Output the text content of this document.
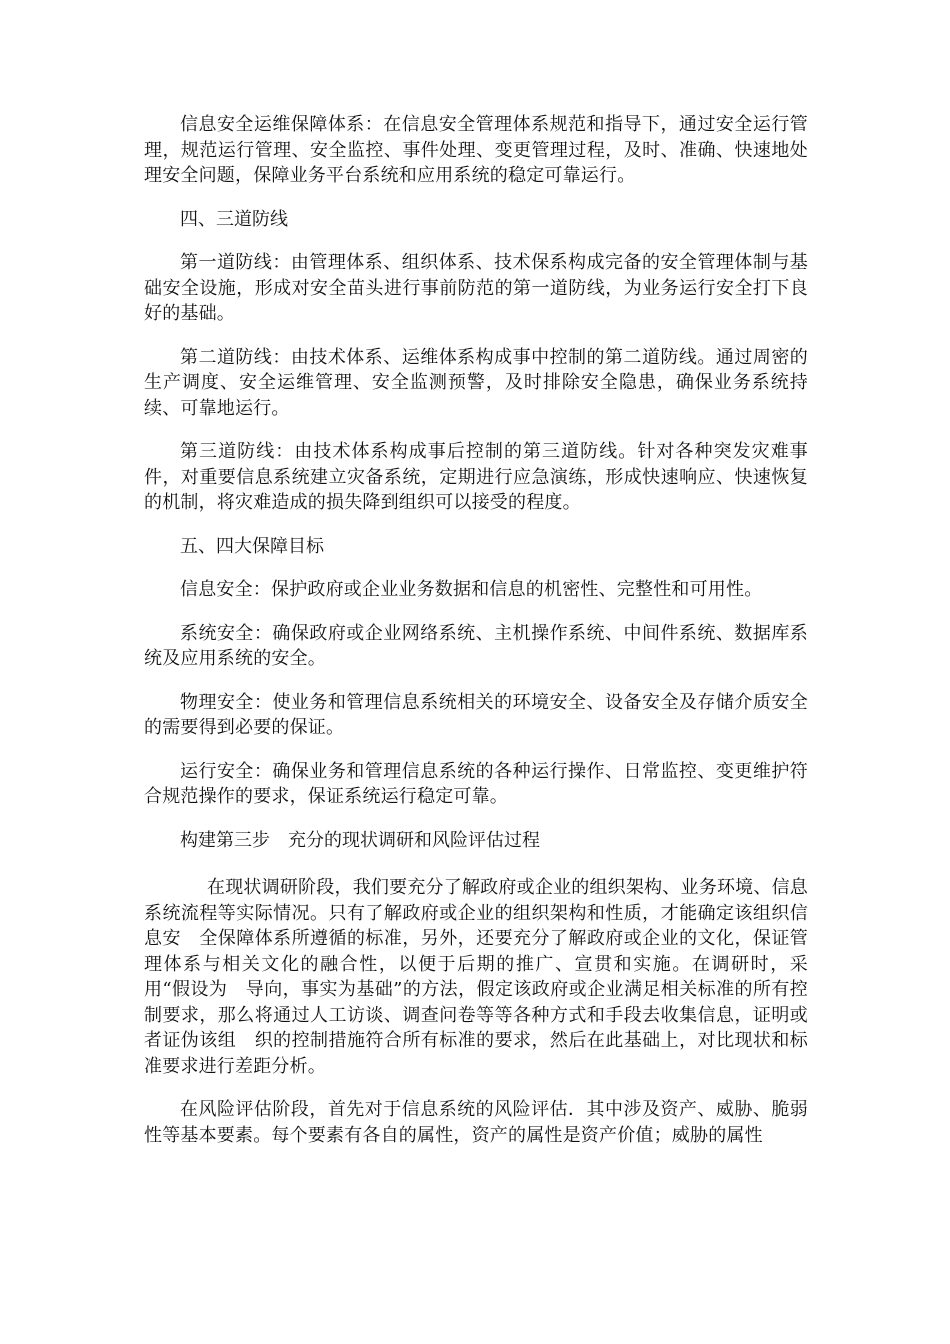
信息安全运维保障体系：在信息安全管理体系规范和指导下，通过安全运行管理，规范运行管理、安全监控、事件处理、变更管理过程，及时、准确、快速地处理安全问题，保障业务平台系统和应用系统的稳定可靠运行。

四、三道防线

第一道防线：由管理体系、组织体系、技术保系构成完备的安全管理体制与基础安全设施，形成对安全苗头进行事前防范的第一道防线，为业务运行安全打下良好的基础。

第二道防线：由技术体系、运维体系构成事中控制的第二道防线。通过周密的生产调度、安全运维管理、安全监测预警，及时排除安全隐患，确保业务系统持续、可靠地运行。

第三道防线：由技术体系构成事后控制的第三道防线。针对各种突发灾难事件，对重要信息系统建立灾备系统，定期进行应急演练，形成快速响应、快速恢复的机制，将灾难造成的损失降到组织可以接受的程度。

五、四大保障目标

信息安全：保护政府或企业业务数据和信息的机密性、完整性和可用性。

系统安全：确保政府或企业网络系统、主机操作系统、中间件系统、数据库系统及应用系统的安全。

物理安全：使业务和管理信息系统相关的环境安全、设备安全及存储介质安全的需要得到必要的保证。

运行安全：确保业务和管理信息系统的各种运行操作、日常监控、变更维护符合规范操作的要求，保证系统运行稳定可靠。

构建第三步　充分的现状调研和风险评估过程

在现状调研阶段，我们要充分了解政府或企业的组织架构、业务环境、信息系统流程等实际情况。只有了解政府或企业的组织架构和性质，才能确定该组织信息安　全保障体系所遵循的标准，另外，还要充分了解政府或企业的文化，保证管理体系与相关文化的融合性，以便于后期的推广、宣贯和实施。在调研时，采用“假设为　导向，事实为基础”的方法，假定该政府或企业满足相关标准的所有控制要求，那么将通过人工访谈、调查问卷等等各种方式和手段去收集信息，证明或者证伪该组　织的控制措施符合所有标准的要求，然后在此基础上，对比现状和标准要求进行差距分析。

在风险评估阶段，首先对于信息系统的风险评估．其中涉及资产、威胁、脆弱性等基本要素。每个要素有各自的属性，资产的属性是资产价值；威胁的属性
